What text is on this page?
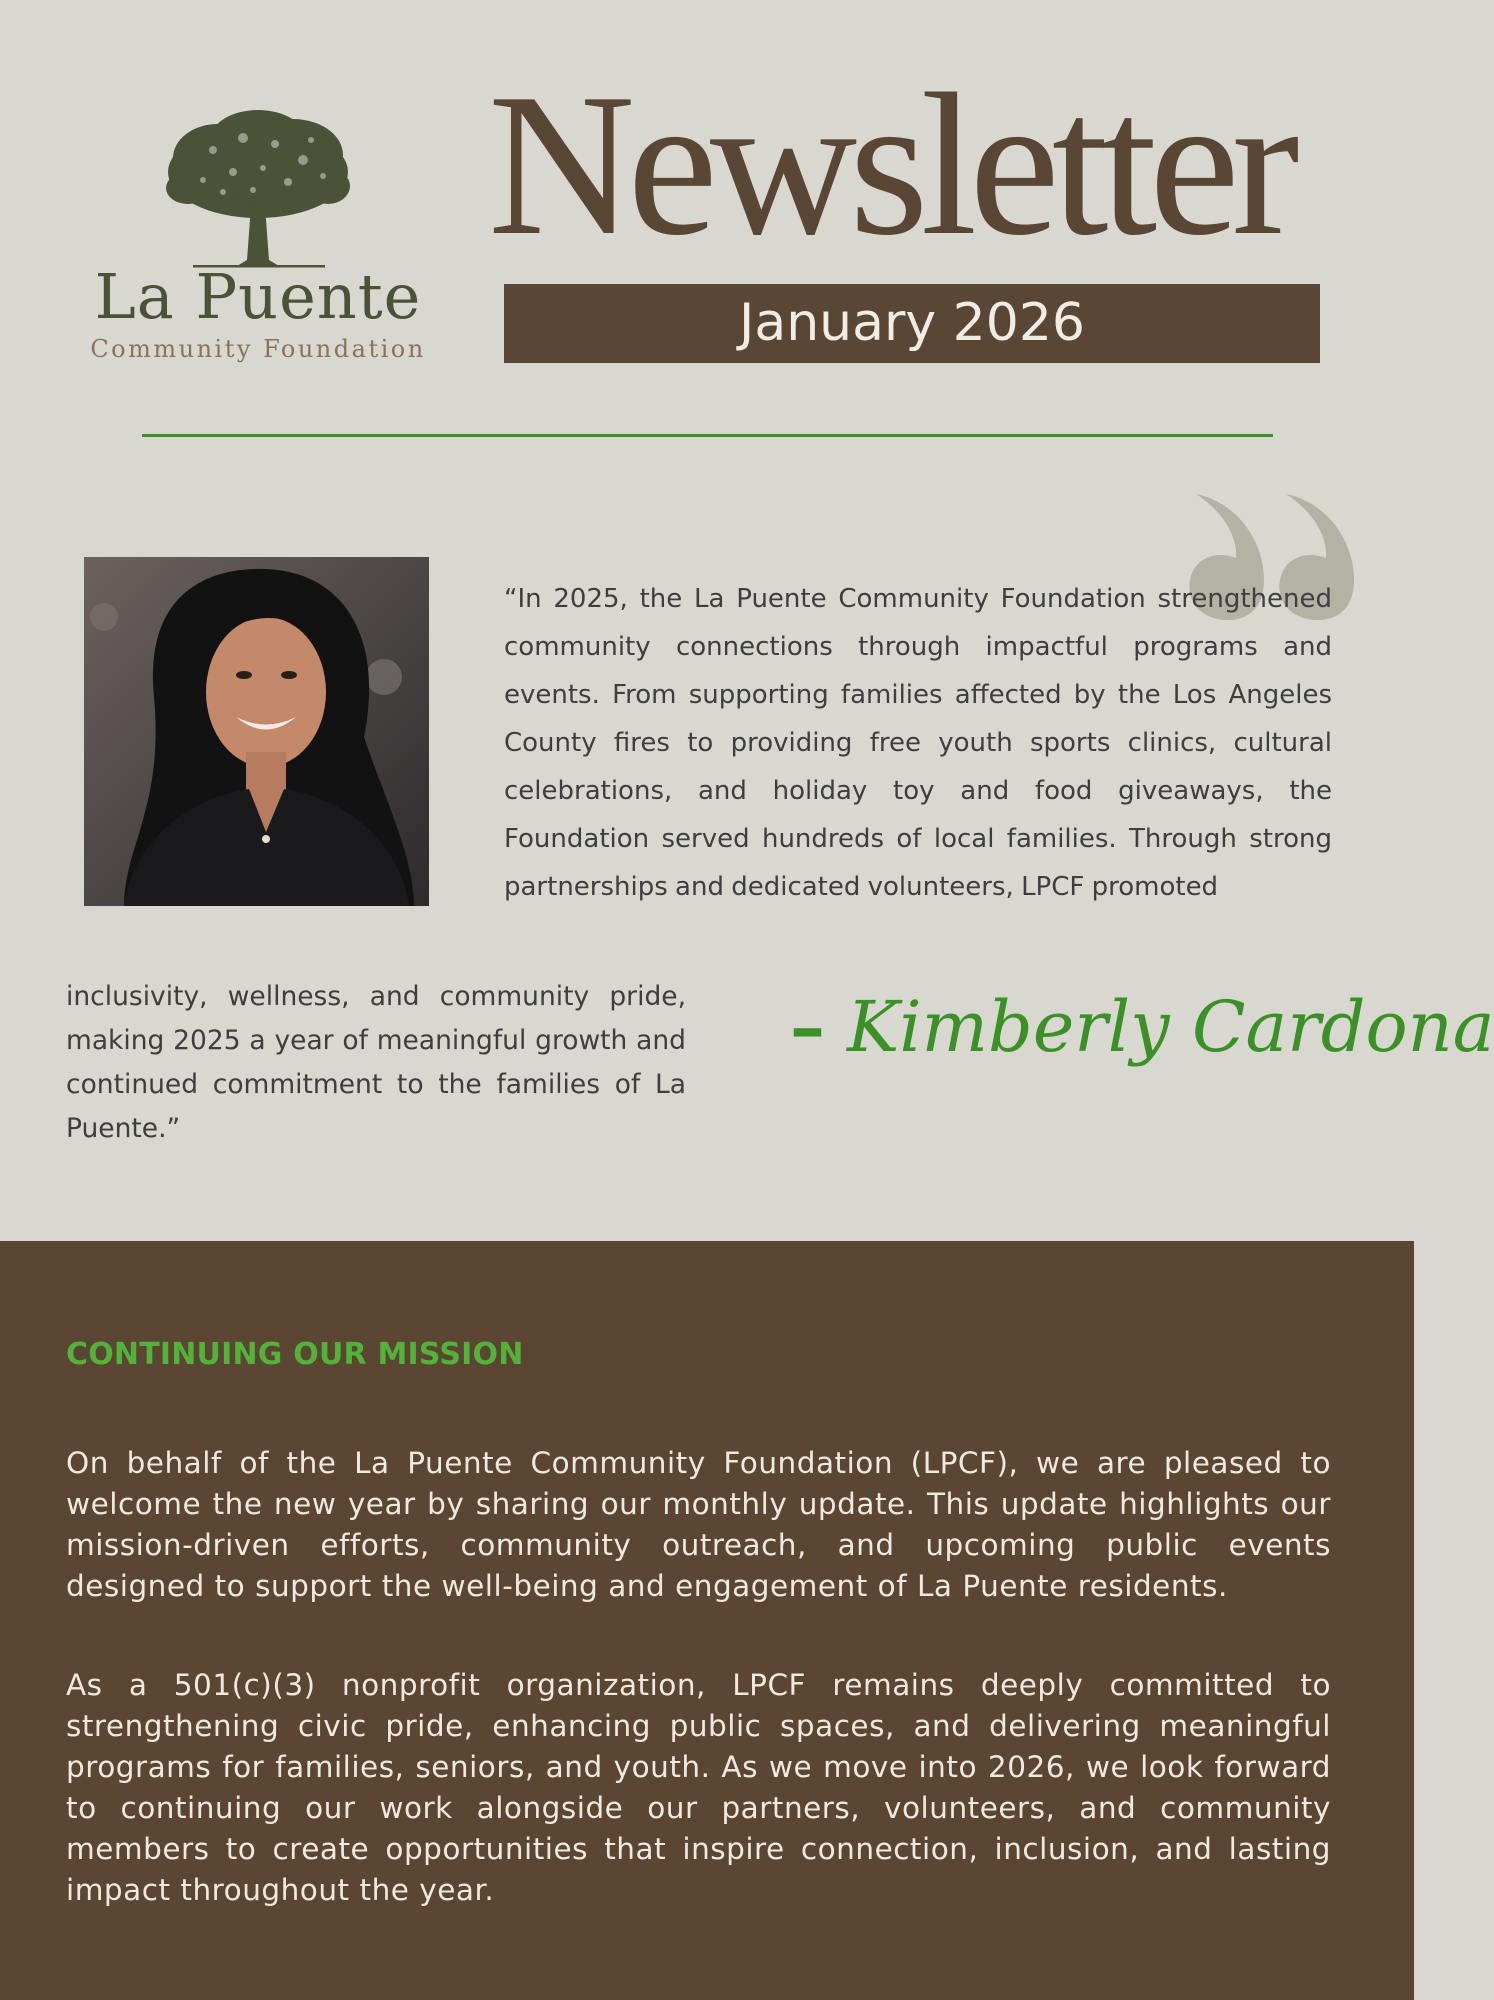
La Puente
Community Foundation
Newsletter
January 2026
“In 2025, the La Puente Community Foundation strengthened community connections through impactful programs and events. From supporting families affected by the Los Angeles County fires to providing free youth sports clinics, cultural celebrations, and holiday toy and food giveaways, the Foundation served hundreds of local families. Through strong partnerships and dedicated volunteers, LPCF promoted
inclusivity, wellness, and community pride, making 2025 a year of meaningful growth and continued commitment to the families of La Puente.”
– Kimberly Cardona
CONTINUING OUR MISSION
On behalf of the La Puente Community Foundation (LPCF), we are pleased to welcome the new year by sharing our monthly update. This update highlights our mission-driven efforts, community outreach, and upcoming public events designed to support the well-being and engagement of La Puente residents.
As a 501(c)(3) nonprofit organization, LPCF remains deeply committed to strengthening civic pride, enhancing public spaces, and delivering meaningful programs for families, seniors, and youth. As we move into 2026, we look forward to continuing our work alongside our partners, volunteers, and community members to create opportunities that inspire connection, inclusion, and lasting impact throughout the year.
